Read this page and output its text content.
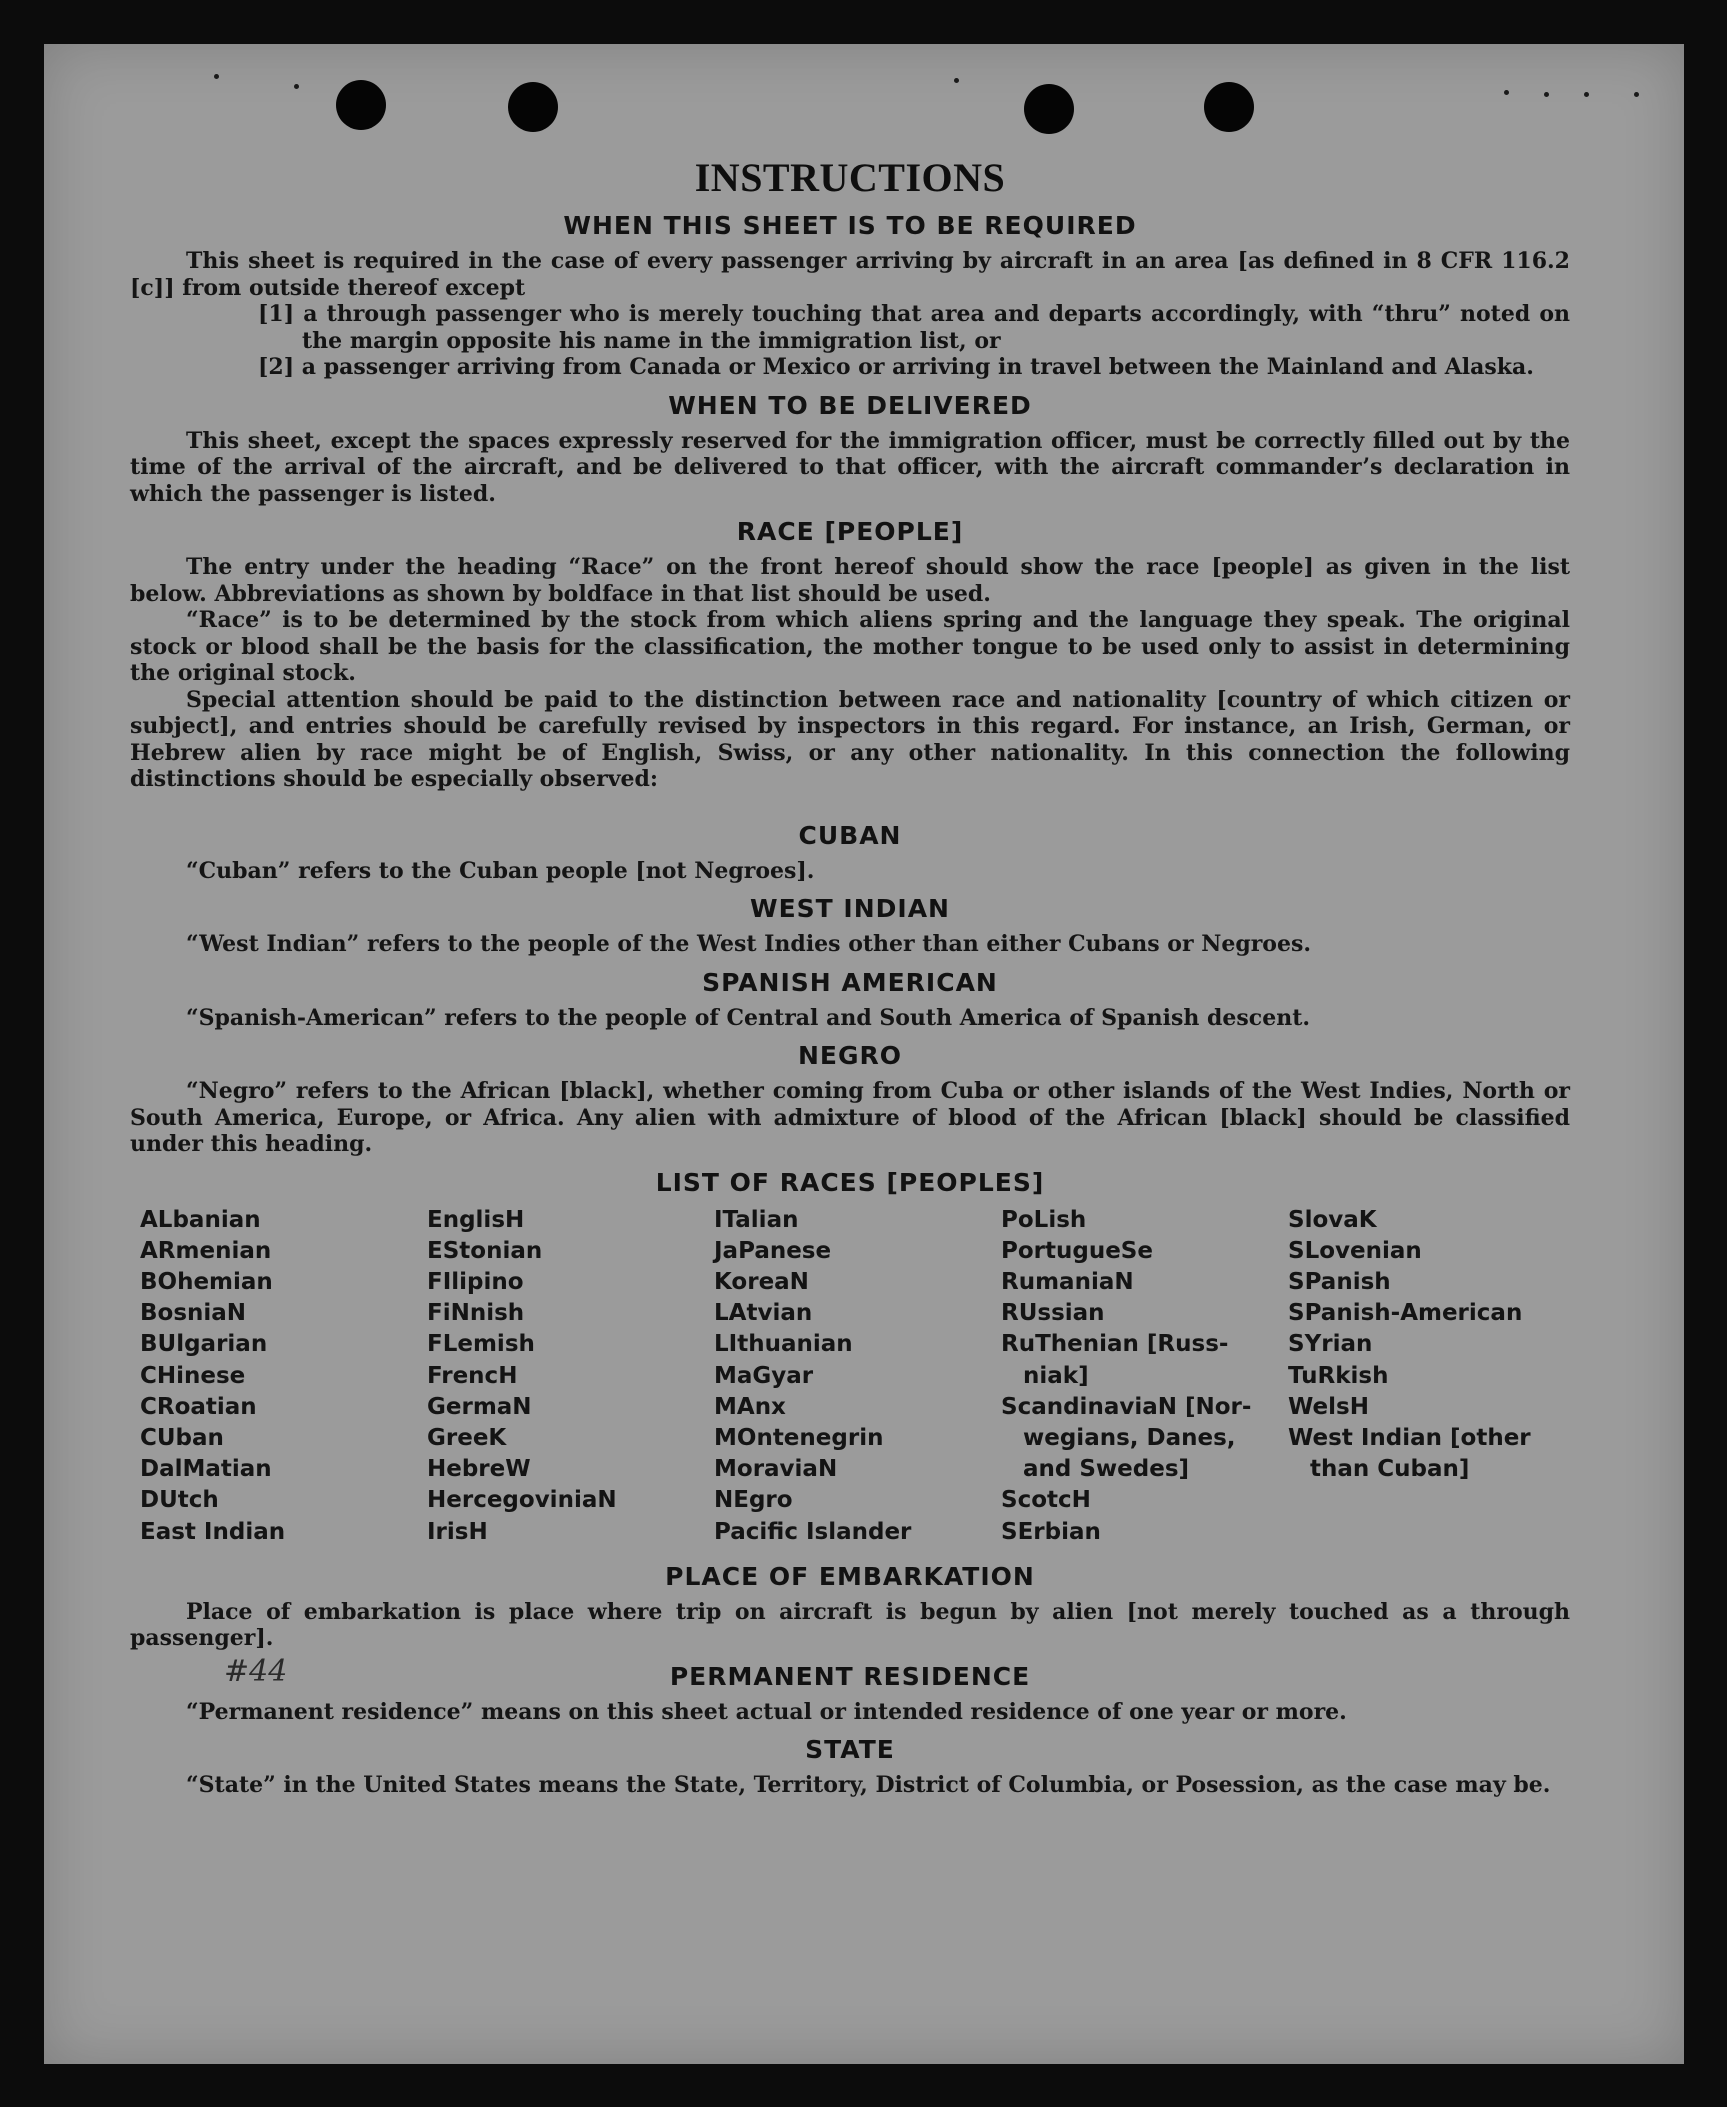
INSTRUCTIONS
WHEN THIS SHEET IS TO BE REQUIRED

This sheet is required in the case of every passenger arriving by aircraft in an area [as defined in 8 CFR 116.2 [c]] from outside thereof except

[1] a through passenger who is merely touching that area and departs accordingly, with “thru” noted on the margin opposite his name in the immigration list, or

[2] a passenger arriving from Canada or Mexico or arriving in travel between the Mainland and Alaska.

WHEN TO BE DELIVERED

This sheet, except the spaces expressly reserved for the immigration officer, must be correctly filled out by the time of the arrival of the aircraft, and be delivered to that officer, with the aircraft commander’s declaration in which the passenger is listed.

RACE [PEOPLE]

The entry under the heading “Race” on the front hereof should show the race [people] as given in the list below. Abbreviations as shown by boldface in that list should be used.

“Race” is to be determined by the stock from which aliens spring and the language they speak. The original stock or blood shall be the basis for the classification, the mother tongue to be used only to assist in determining the original stock.

Special attention should be paid to the distinction between race and nationality [country of which citizen or subject], and entries should be carefully revised by inspectors in this regard. For instance, an Irish, German, or Hebrew alien by race might be of English, Swiss, or any other nationality. In this connection the following distinctions should be especially observed:

CUBAN

“Cuban” refers to the Cuban people [not Negroes].

WEST INDIAN

“West Indian” refers to the people of the West Indies other than either Cubans or Negroes.

SPANISH AMERICAN

“Spanish-American” refers to the people of Central and South America of Spanish descent.

NEGRO

“Negro” refers to the African [black], whether coming from Cuba or other islands of the West Indies, North or South America, Europe, or Africa. Any alien with admixture of blood of the African [black] should be classified under this heading.

LIST OF RACES [PEOPLES]
ALbanian
ARmenian
BOhemian
BosniaN
BUlgarian
CHinese
CRoatian
CUban
DalMatian
DUtch
East Indian
EnglisH
EStonian
FIlipino
FiNnish
FLemish
FrencH
GermaN
GreeK
HebreW
HercegoviniaN
IrisH
ITalian
JaPanese
KoreaN
LAtvian
LIthuanian
MaGyar
MAnx
MOntenegrin
MoraviaN
NEgro
Pacific Islander
PoLish
PortugueSe
RumaniaN
RUssian
RuThenian [Russ-
niak]
ScandinaviaN [Nor-
wegians, Danes,
and Swedes]
ScotcH
SErbian
SlovaK
SLovenian
SPanish
SPanish-American
SYrian
TuRkish
WelsH
West Indian [other
than Cuban]
PLACE OF EMBARKATION

Place of embarkation is place where trip on aircraft is begun by alien [not merely touched as a through passenger].

PERMANENT RESIDENCE

“Permanent residence” means on this sheet actual or intended residence of one year or more.

STATE

“State” in the United States means the State, Territory, District of Columbia, or Posession, as the case may be.

#44
